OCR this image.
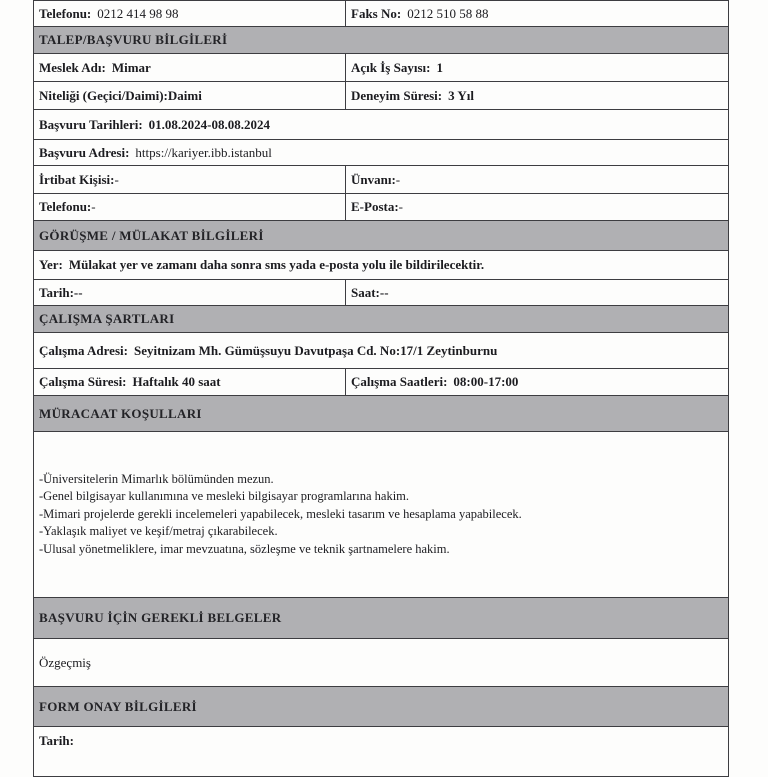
Telefonu: 0212 414 98 98	Faks No: 0212 510 58 88
TALEP/BAŞVURU BİLGİLERİ	
Meslek Adı: Mimar	Açık İş Sayısı: 1
Niteliği (Geçici/Daimi):Daimi	Deneyim Süresi: 3 Yıl
Başvuru Tarihleri: 01.08.2024-08.08.2024	
Başvuru Adresi: https://kariyer.ibb.istanbul	
İrtibat Kişisi:-	Ünvanı:-
Telefonu:-	E-Posta:-
GÖRÜŞME / MÜLAKAT BİLGİLERİ	
Yer: Mülakat yer ve zamanı daha sonra sms yada e-posta yolu ile bildirilecektir.	
Tarih:--	Saat:--
ÇALIŞMA ŞARTLARI	
Çalışma Adresi: Seyitnizam Mh. Gümüşsuyu Davutpaşa Cd. No:17/1 Zeytinburnu	
Çalışma Süresi: Haftalık 40 saat	Çalışma Saatleri: 08:00-17:00
MÜRACAAT KOŞULLARI	

-Üniversitelerin Mimarlık bölümünden mezun.
-Genel bilgisayar kullanımına ve mesleki bilgisayar programlarına hakim.
-Mimari projelerde gerekli incelemeleri yapabilecek, mesleki tasarım ve hesaplama yapabilecek.
-Yaklaşık maliyet ve keşif/metraj çıkarabilecek.
-Ulusal yönetmeliklere, imar mevzuatına, sözleşme ve teknik şartnamelere hakim.	

BAŞVURU İÇİN GEREKLİ BELGELER	
Özgeçmiş	
FORM ONAY BİLGİLERİ	
Tarih:	
